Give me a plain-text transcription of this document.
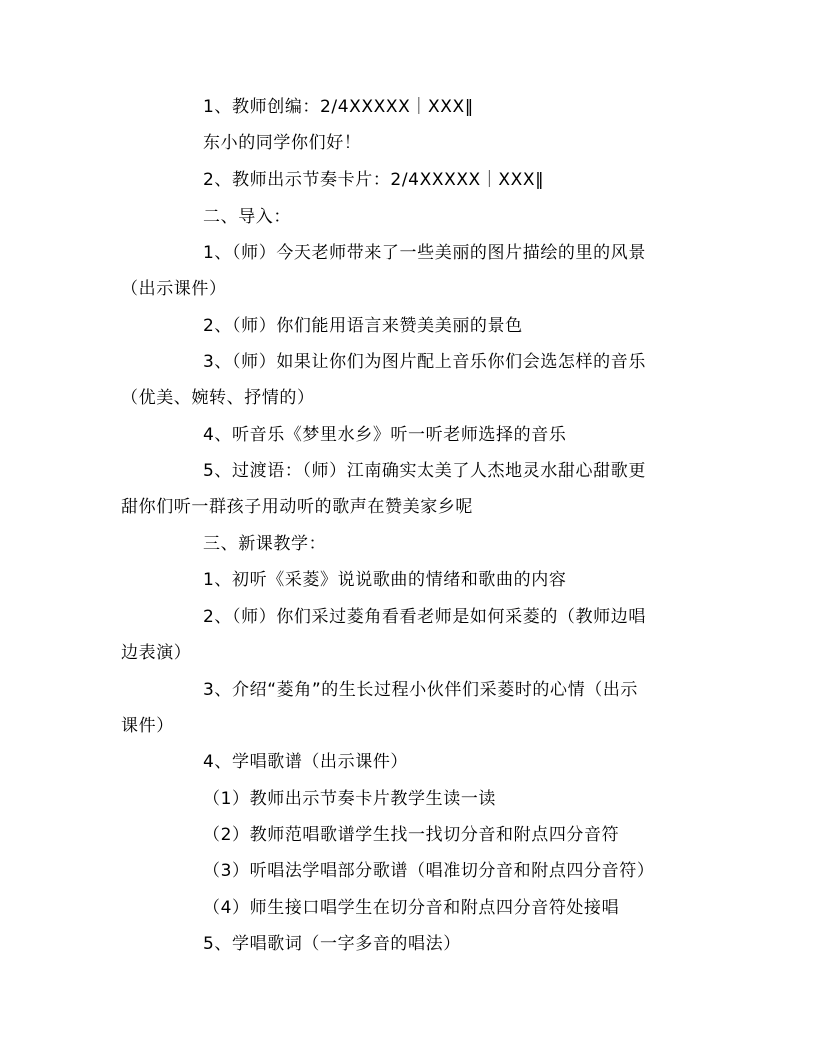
1、教师创编：2/4XXXXX｜XXX‖
东小的同学你们好！
2、教师出示节奏卡片：2/4XXXXX｜XXX‖
二、导入：
1、（师）今天老师带来了一些美丽的图片描绘的里的风景
（出示课件）
2、（师）你们能用语言来赞美美丽的景色
3、（师）如果让你们为图片配上音乐你们会选怎样的音乐
（优美、婉转、抒情的）
4、听音乐《梦里水乡》听一听老师选择的音乐
5、过渡语：（师）江南确实太美了人杰地灵水甜心甜歌更
甜你们听一群孩子用动听的歌声在赞美家乡呢
三、新课教学：
1、初听《采菱》说说歌曲的情绪和歌曲的内容
2、（师）你们采过菱角看看老师是如何采菱的（教师边唱
边表演）
3、介绍“菱角”的生长过程小伙伴们采菱时的心情（出示
课件）
4、学唱歌谱（出示课件）
（1）教师出示节奏卡片教学生读一读
（2）教师范唱歌谱学生找一找切分音和附点四分音符
（3）听唱法学唱部分歌谱（唱准切分音和附点四分音符）
（4）师生接口唱学生在切分音和附点四分音符处接唱
5、学唱歌词（一字多音的唱法）
